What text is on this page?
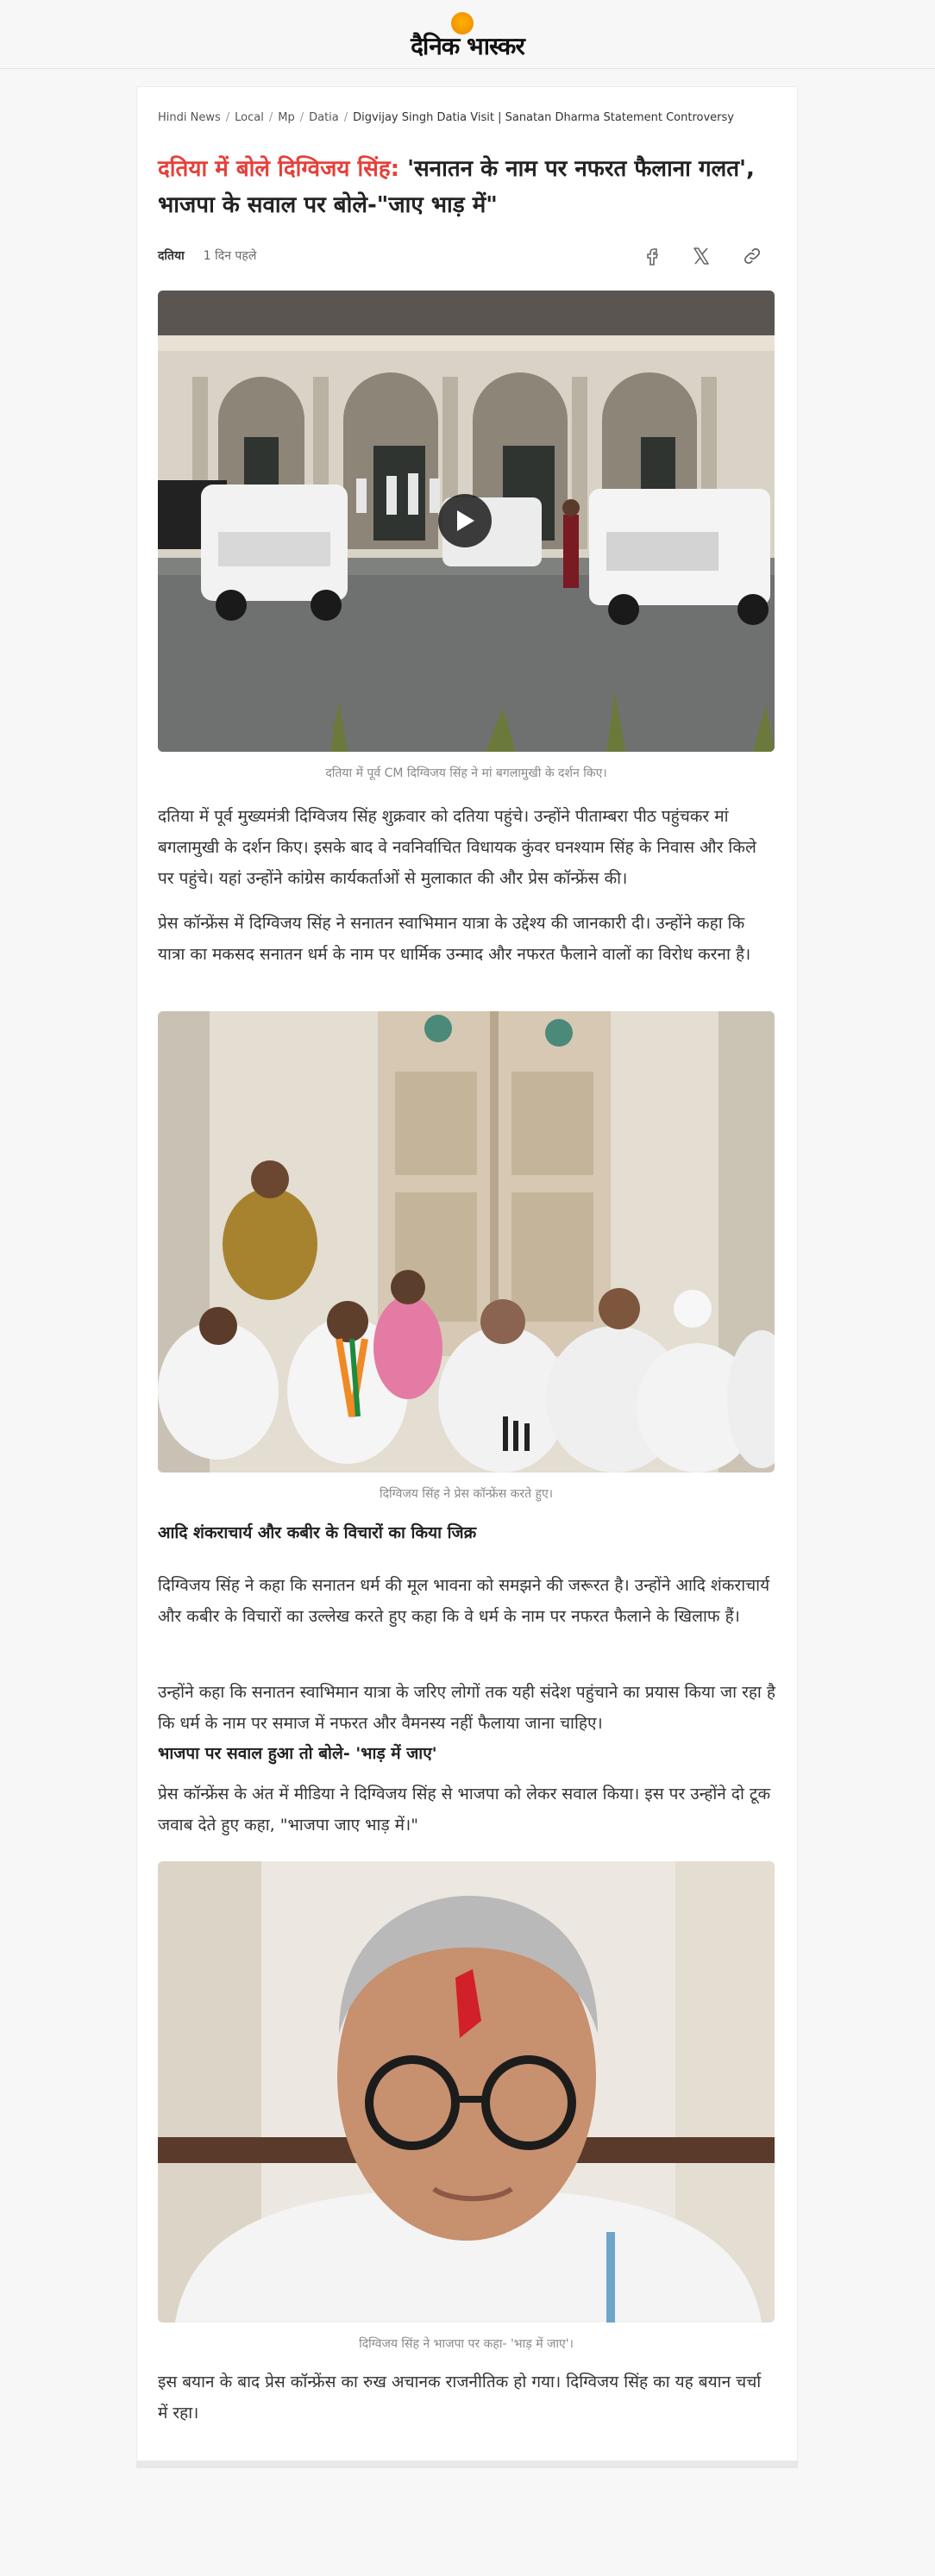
दैनिक भास्कर
Hindi News / Local / Mp / Datia / Digvijay Singh Datia Visit | Sanatan Dharma Statement Controversy
दतिया में बोले दिग्विजय सिंह: 'सनातन के नाम पर नफरत फैलाना गलत', भाजपा के सवाल पर बोले-"जाए भाड़ में"
दतिया 1 दिन पहले
दतिया में पूर्व CM दिग्विजय सिंह ने मां बगलामुखी के दर्शन किए।

दतिया में पूर्व मुख्यमंत्री दिग्विजय सिंह शुक्रवार को दतिया पहुंचे। उन्होंने पीताम्बरा पीठ पहुंचकर मां बगलामुखी के दर्शन किए। इसके बाद वे नवनिर्वाचित विधायक कुंवर घनश्याम सिंह के निवास और किले पर पहुंचे। यहां उन्होंने कांग्रेस कार्यकर्ताओं से मुलाकात की और प्रेस कॉन्फ्रेंस की।

प्रेस कॉन्फ्रेंस में दिग्विजय सिंह ने सनातन स्वाभिमान यात्रा के उद्देश्य की जानकारी दी। उन्होंने कहा कि यात्रा का मकसद सनातन धर्म के नाम पर धार्मिक उन्माद और नफरत फैलाने वालों का विरोध करना है।

दिग्विजय सिंह ने प्रेस कॉन्फ्रेंस करते हुए।
आदि शंकराचार्य और कबीर के विचारों का किया जिक्र

दिग्विजय सिंह ने कहा कि सनातन धर्म की मूल भावना को समझने की जरूरत है। उन्होंने आदि शंकराचार्य और कबीर के विचारों का उल्लेख करते हुए कहा कि वे धर्म के नाम पर नफरत फैलाने के खिलाफ हैं।

उन्होंने कहा कि सनातन स्वाभिमान यात्रा के जरिए लोगों तक यही संदेश पहुंचाने का प्रयास किया जा रहा है कि धर्म के नाम पर समाज में नफरत और वैमनस्य नहीं फैलाया जाना चाहिए।

भाजपा पर सवाल हुआ तो बोले- 'भाड़ में जाए'

प्रेस कॉन्फ्रेंस के अंत में मीडिया ने दिग्विजय सिंह से भाजपा को लेकर सवाल किया। इस पर उन्होंने दो टूक जवाब देते हुए कहा, "भाजपा जाए भाड़ में।"

दिग्विजय सिंह ने भाजपा पर कहा- 'भाड़ में जाए'।

इस बयान के बाद प्रेस कॉन्फ्रेंस का रुख अचानक राजनीतिक हो गया। दिग्विजय सिंह का यह बयान चर्चा में रहा।
